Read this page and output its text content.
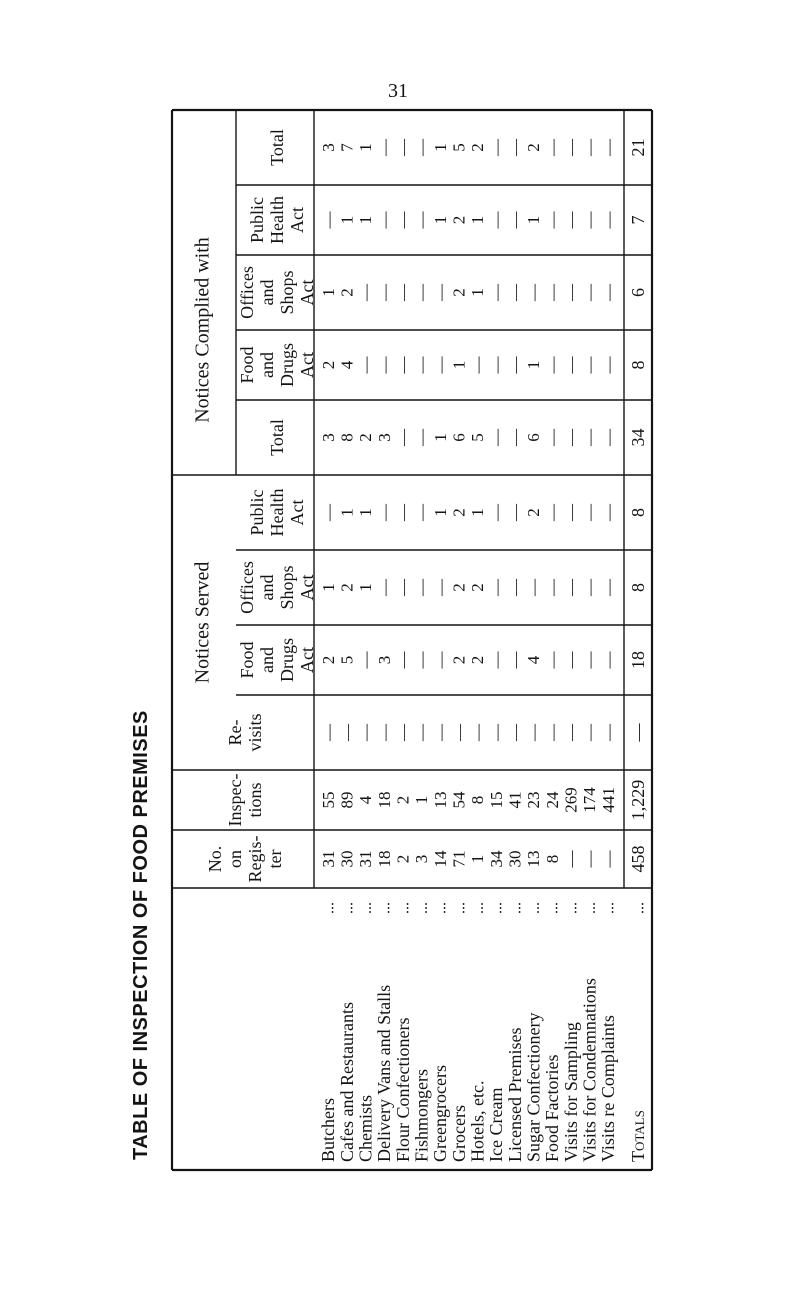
31
TABLE OF INSPECTION OF FOOD PREMISES
Notices Served
Notices Complied with
No. on Regis- ter
Inspec- tions
Re- visits
Food and Drugs Act
Offices and Shops Act
Public Health Act
Total
Food and Drugs Act
Offices and Shops Act
Public Health Act
Total
Butchers
...
Cafes and Restaurants
...
Chemists
...
Delivery Vans and Stalls
...
Flour Confectioners
...
Fishmongers
...
Greengrocers
...
Grocers
...
Hotels, etc.
...
Ice Cream
...
Licensed Premises
...
Sugar Confectionery
...
Food Factories
...
Visits for Sampling
...
Visits for Condemnations
...
Visits re Complaints
...
Totals
...
31
55
—
2
1
—
3
2
1
—
3
30
89
—
5
2
1
8
4
2
1
7
31
4
—
—
1
1
2
—
—
1
1
18
18
—
3
—
—
3
—
—
—
—
2
2
—
—
—
—
—
—
—
—
—
3
1
—
—
—
—
—
—
—
—
—
14
13
—
—
—
1
1
—
—
1
1
71
54
—
2
2
2
6
1
2
2
5
1
8
—
2
2
1
5
—
1
1
2
34
15
—
—
—
—
—
—
—
—
—
30
41
—
—
—
—
—
—
—
—
—
13
23
—
4
—
2
6
1
—
1
2
8
24
—
—
—
—
—
—
—
—
—
—
269
—
—
—
—
—
—
—
—
—
—
174
—
—
—
—
—
—
—
—
—
—
441
—
—
—
—
—
—
—
—
—
458
1,229
—
18
8
8
34
8
6
7
21
